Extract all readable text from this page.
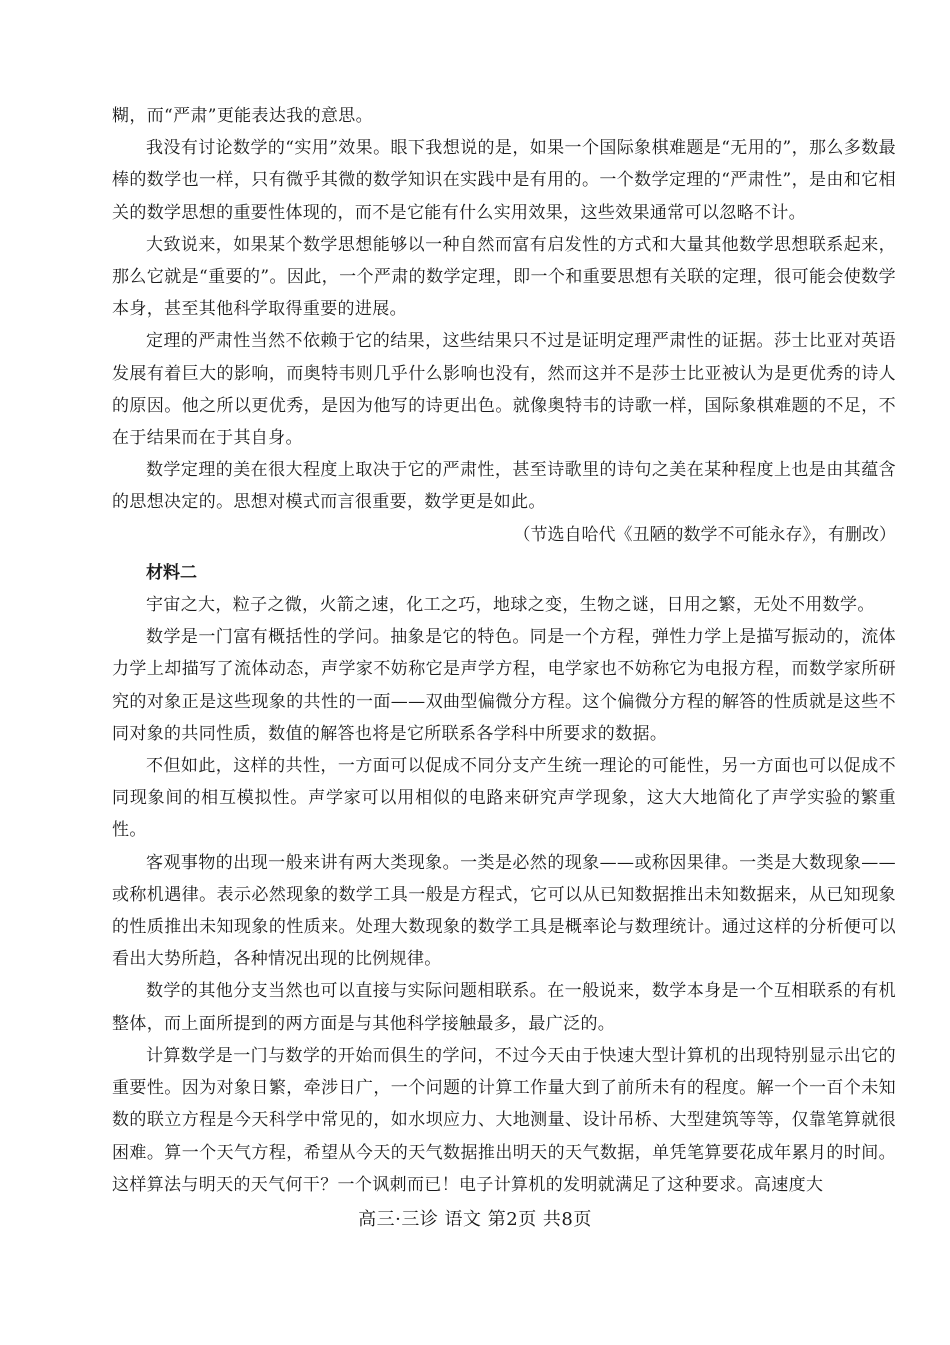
糊，而“严肃”更能表达我的意思。

我没有讨论数学的“实用”效果。眼下我想说的是，如果一个国际象棋难题是“无用的”，那么多数最棒的数学也一样，只有微乎其微的数学知识在实践中是有用的。一个数学定理的“严肃性”，是由和它相关的数学思想的重要性体现的，而不是它能有什么实用效果，这些效果通常可以忽略不计。

大致说来，如果某个数学思想能够以一种自然而富有启发性的方式和大量其他数学思想联系起来，那么它就是“重要的”。因此，一个严肃的数学定理，即一个和重要思想有关联的定理，很可能会使数学本身，甚至其他科学取得重要的进展。

定理的严肃性当然不依赖于它的结果，这些结果只不过是证明定理严肃性的证据。莎士比亚对英语发展有着巨大的影响，而奥特韦则几乎什么影响也没有，然而这并不是莎士比亚被认为是更优秀的诗人的原因。他之所以更优秀，是因为他写的诗更出色。就像奥特韦的诗歌一样，国际象棋难题的不足，不在于结果而在于其自身。

数学定理的美在很大程度上取决于它的严肃性，甚至诗歌里的诗句之美在某种程度上也是由其蕴含的思想决定的。思想对模式而言很重要，数学更是如此。

（节选自哈代《丑陋的数学不可能永存》，有删改）

材料二

宇宙之大，粒子之微，火箭之速，化工之巧，地球之变，生物之谜，日用之繁，无处不用数学。

数学是一门富有概括性的学问。抽象是它的特色。同是一个方程，弹性力学上是描写振动的，流体力学上却描写了流体动态，声学家不妨称它是声学方程，电学家也不妨称它为电报方程，而数学家所研究的对象正是这些现象的共性的一面——双曲型偏微分方程。这个偏微分方程的解答的性质就是这些不同对象的共同性质，数值的解答也将是它所联系各学科中所要求的数据。

不但如此，这样的共性，一方面可以促成不同分支产生统一理论的可能性，另一方面也可以促成不同现象间的相互模拟性。声学家可以用相似的电路来研究声学现象，这大大地简化了声学实验的繁重性。

客观事物的出现一般来讲有两大类现象。一类是必然的现象——或称因果律。一类是大数现象——或称机遇律。表示必然现象的数学工具一般是方程式，它可以从已知数据推出未知数据来，从已知现象的性质推出未知现象的性质来。处理大数现象的数学工具是概率论与数理统计。通过这样的分析便可以看出大势所趋，各种情况出现的比例规律。

数学的其他分支当然也可以直接与实际问题相联系。在一般说来，数学本身是一个互相联系的有机整体，而上面所提到的两方面是与其他科学接触最多，最广泛的。

计算数学是一门与数学的开始而俱生的学问，不过今天由于快速大型计算机的出现特别显示出它的重要性。因为对象日繁，牵涉日广，一个问题的计算工作量大到了前所未有的程度。解一个一百个未知数的联立方程是今天科学中常见的，如水坝应力、大地测量、设计吊桥、大型建筑等等，仅靠笔算就很困难。算一个天气方程，希望从今天的天气数据推出明天的天气数据，单凭笔算要花成年累月的时间。这样算法与明天的天气何干？一个讽刺而已！电子计算机的发明就满足了这种要求。高速度大

高三·三诊 语文 第2页 共8页
